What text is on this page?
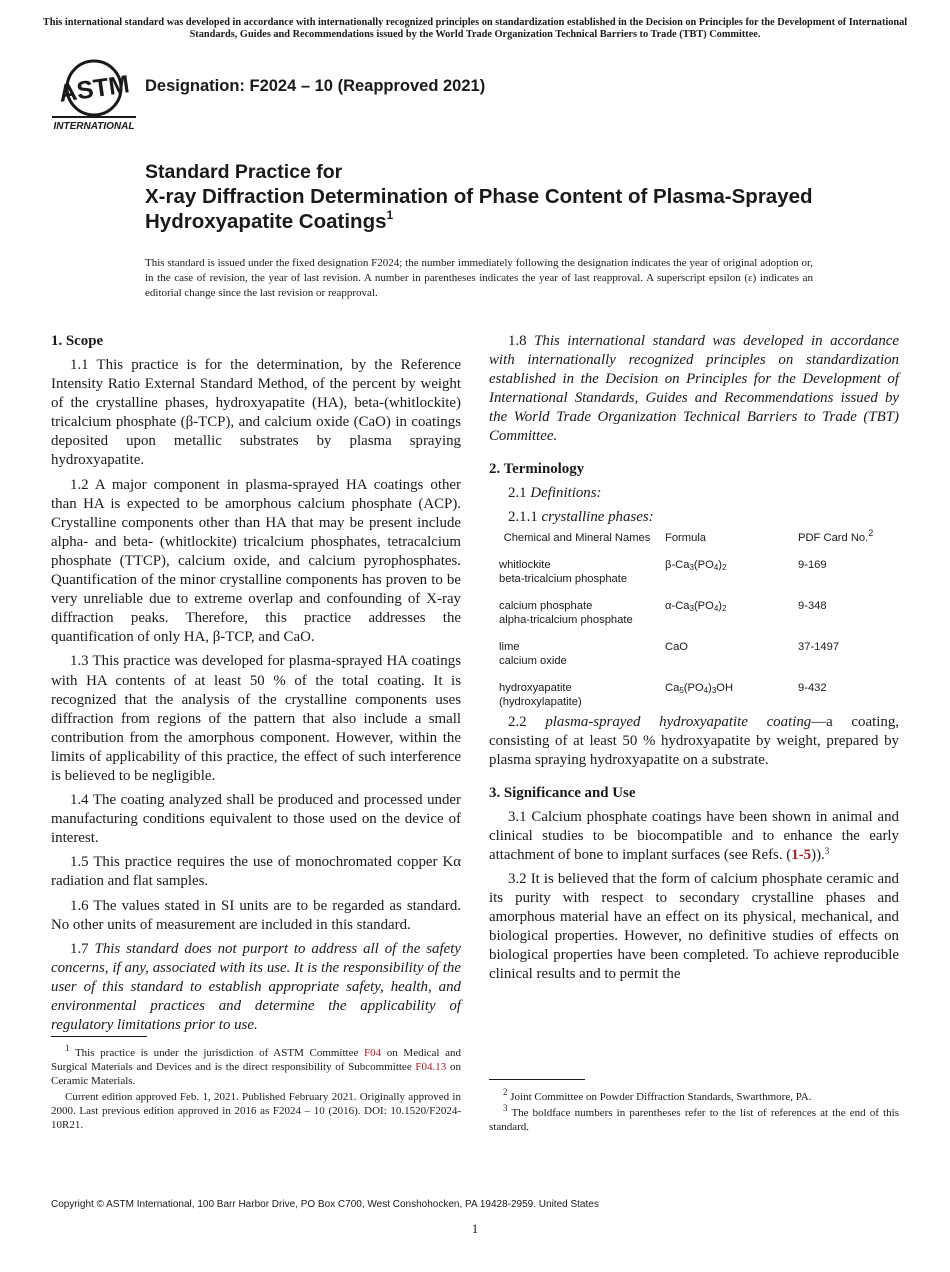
This international standard was developed in accordance with internationally recognized principles on standardization established in the Decision on Principles for the Development of International Standards, Guides and Recommendations issued by the World Trade Organization Technical Barriers to Trade (TBT) Committee.
ASTM
INTERNATIONAL
Designation: F2024 – 10 (Reapproved 2021)
Standard Practice for
X-ray Diffraction Determination of Phase Content of Plasma-Sprayed Hydroxyapatite Coatings$^1$
This standard is issued under the fixed designation F2024; the number immediately following the designation indicates the year of original adoption or, in the case of revision, the year of last revision. A number in parentheses indicates the year of last reapproval. A superscript epsilon (ε) indicates an editorial change since the last revision or reapproval.
1. Scope

1.1 This practice is for the determination, by the Reference Intensity Ratio External Standard Method, of the percent by weight of the crystalline phases, hydroxyapatite (HA), beta-(whitlockite) tricalcium phosphate (β-TCP), and calcium oxide (CaO) in coatings deposited upon metallic substrates by plasma spraying hydroxyapatite.

1.2 A major component in plasma-sprayed HA coatings other than HA is expected to be amorphous calcium phosphate (ACP). Crystalline components other than HA that may be present include alpha- and beta- (whitlockite) tricalcium phosphates, tetracalcium phosphate (TTCP), calcium oxide, and calcium pyrophosphates. Quantification of the minor crystalline components has proven to be very unreliable due to extreme overlap and confounding of X-ray diffraction peaks. Therefore, this practice addresses the quantification of only HA, β-TCP, and CaO.

1.3 This practice was developed for plasma-sprayed HA coatings with HA contents of at least 50 % of the total coating. It is recognized that the analysis of the crystalline components uses diffraction from regions of the pattern that also include a small contribution from the amorphous component. However, within the limits of applicability of this practice, the effect of such interference is believed to be negligible.

1.4 The coating analyzed shall be produced and processed under manufacturing conditions equivalent to those used on the device of interest.

1.5 This practice requires the use of monochromated copper Kα radiation and flat samples.

1.6 The values stated in SI units are to be regarded as standard. No other units of measurement are included in this standard.

1.7 This standard does not purport to address all of the safety concerns, if any, associated with its use. It is the responsibility of the user of this standard to establish appropriate safety, health, and environmental practices and determine the applicability of regulatory limitations prior to use.

1.8 This international standard was developed in accordance with internationally recognized principles on standardization established in the Decision on Principles for the Development of International Standards, Guides and Recommendations issued by the World Trade Organization Technical Barriers to Trade (TBT) Committee.

2. Terminology

2.1 Definitions:

2.1.1 crystalline phases:

Chemical and Mineral Names	Formula	PDF Card No.$^2$

whitlockite
beta-tricalcium phosphate	$\beta-Ca_3(PO_4)_2$	9-169

calcium phosphate
alpha-tricalcium phosphate	$\alpha-Ca_3(PO_4)_2$	9-348

lime
calcium oxide	CaO	37-1497

hydroxyapatite
(hydroxylapatite)	$Ca_5(PO_4)_3OH$	9-432

2.2 plasma-sprayed hydroxyapatite coating—a coating, consisting of at least 50 % hydroxyapatite by weight, prepared by plasma spraying hydroxyapatite on a substrate.

3. Significance and Use

3.1 Calcium phosphate coatings have been shown in animal and clinical studies to be biocompatible and to enhance the early attachment of bone to implant surfaces (see Refs. (1-5)).$^3$

3.2 It is believed that the form of calcium phosphate ceramic and its purity with respect to secondary crystalline phases and amorphous material have an effect on its physical, mechanical, and biological properties. However, no definitive studies of effects on biological properties have been completed. To achieve reproducible clinical results and to permit the

$^1$ This practice is under the jurisdiction of ASTM Committee F04 on Medical and Surgical Materials and Devices and is the direct responsibility of Subcommittee F04.13 on Ceramic Materials.

Current edition approved Feb. 1, 2021. Published February 2021. Originally approved in 2000. Last previous edition approved in 2016 as F2024 – 10 (2016). DOI: 10.1520/F2024-10R21.

$^2$ Joint Committee on Powder Diffraction Standards, Swarthmore, PA.

$^3$ The boldface numbers in parentheses refer to the list of references at the end of this standard.

Copyright © ASTM International, 100 Barr Harbor Drive, PO Box C700, West Conshohocken, PA 19428-2959. United States
1
